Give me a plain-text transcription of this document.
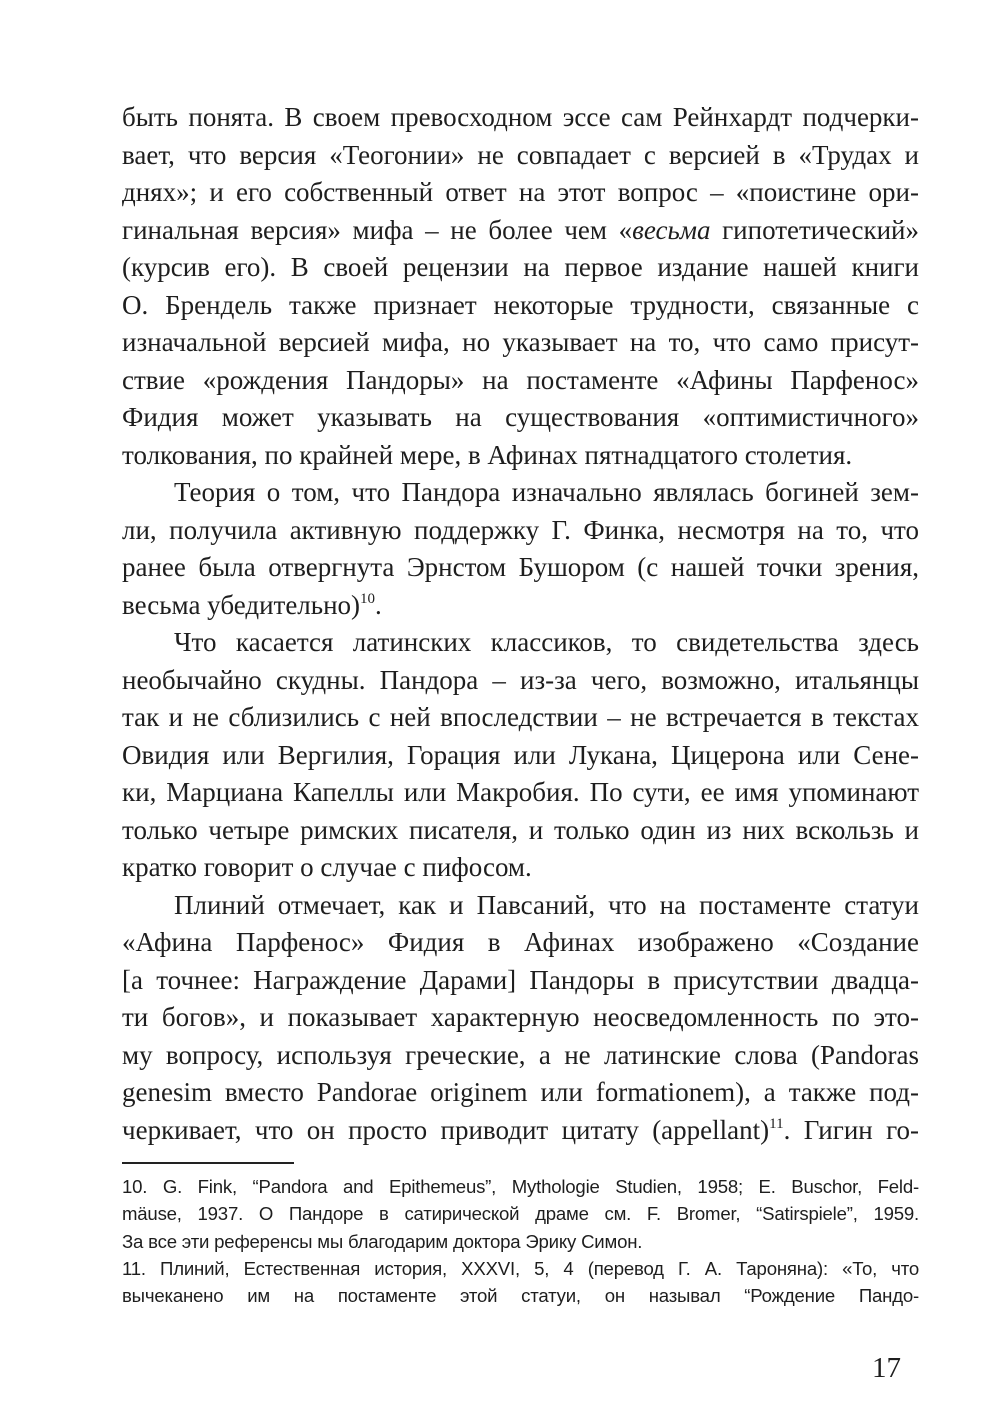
быть понята. В своем превосходном эссе сам Рейнхардт подчерки-
вает, что версия «Теогонии» не совпадает с версией в «Трудах и
днях»; и его собственный ответ на этот вопрос – «поистине ори-
гинальная версия» мифа – не более чем «весьма гипотетический»
(курсив его). В своей рецензии на первое издание нашей книги
О. Брендель также признает некоторые трудности, связанные с
изначальной версией мифа, но указывает на то, что само присут-
ствие «рождения Пандоры» на постаменте «Афины Парфенос»
Фидия может указывать на существования «оптимистичного»
толкования, по крайней мере, в Афинах пятнадцатого столетия.
Теория о том, что Пандора изначально являлась богиней зем-
ли, получила активную поддержку Г. Финка, несмотря на то, что
ранее была отвергнута Эрнстом Бушором (с нашей точки зрения,
весьма убедительно)$^{10}$.
Что касается латинских классиков, то свидетельства здесь
необычайно скудны. Пандора – из-за чего, возможно, итальянцы
так и не сблизились с ней впоследствии – не встречается в текстах
Овидия или Вергилия, Горация или Лукана, Цицерона или Сене-
ки, Марциана Капеллы или Макробия. По сути, ее имя упоминают
только четыре римских писателя, и только один из них вскользь и
кратко говорит о случае с пифосом.
Плиний отмечает, как и Павсаний, что на постаменте статуи
«Афина Парфенос» Фидия в Афинах изображено «Создание
[а точнее: Награждение Дарами] Пандоры в присутствии двадца-
ти богов», и показывает характерную неосведомленность по это-
му вопросу, используя греческие, а не латинские слова (Pandoras
genesim вместо Pandorae originem или formationem), а также под-
черкивает, что он просто приводит цитату (appellant)$^{11}$. Гигин го-
10. G. Fink, “Pandora and Epithemeus”, Mythologie Studien, 1958; E. Buschor, Feld-
mäuse, 1937. О Пандоре в сатирической драме см. F. Bromer, “Satirspiele”, 1959.
За все эти референсы мы благодарим доктора Эрику Симон.
11. Плиний, Естественная история, XXXVI, 5, 4 (перевод Г. А. Тароняна): «То, что
вычеканено им на постаменте этой статуи, он называл “Рождение Пандо-
17
